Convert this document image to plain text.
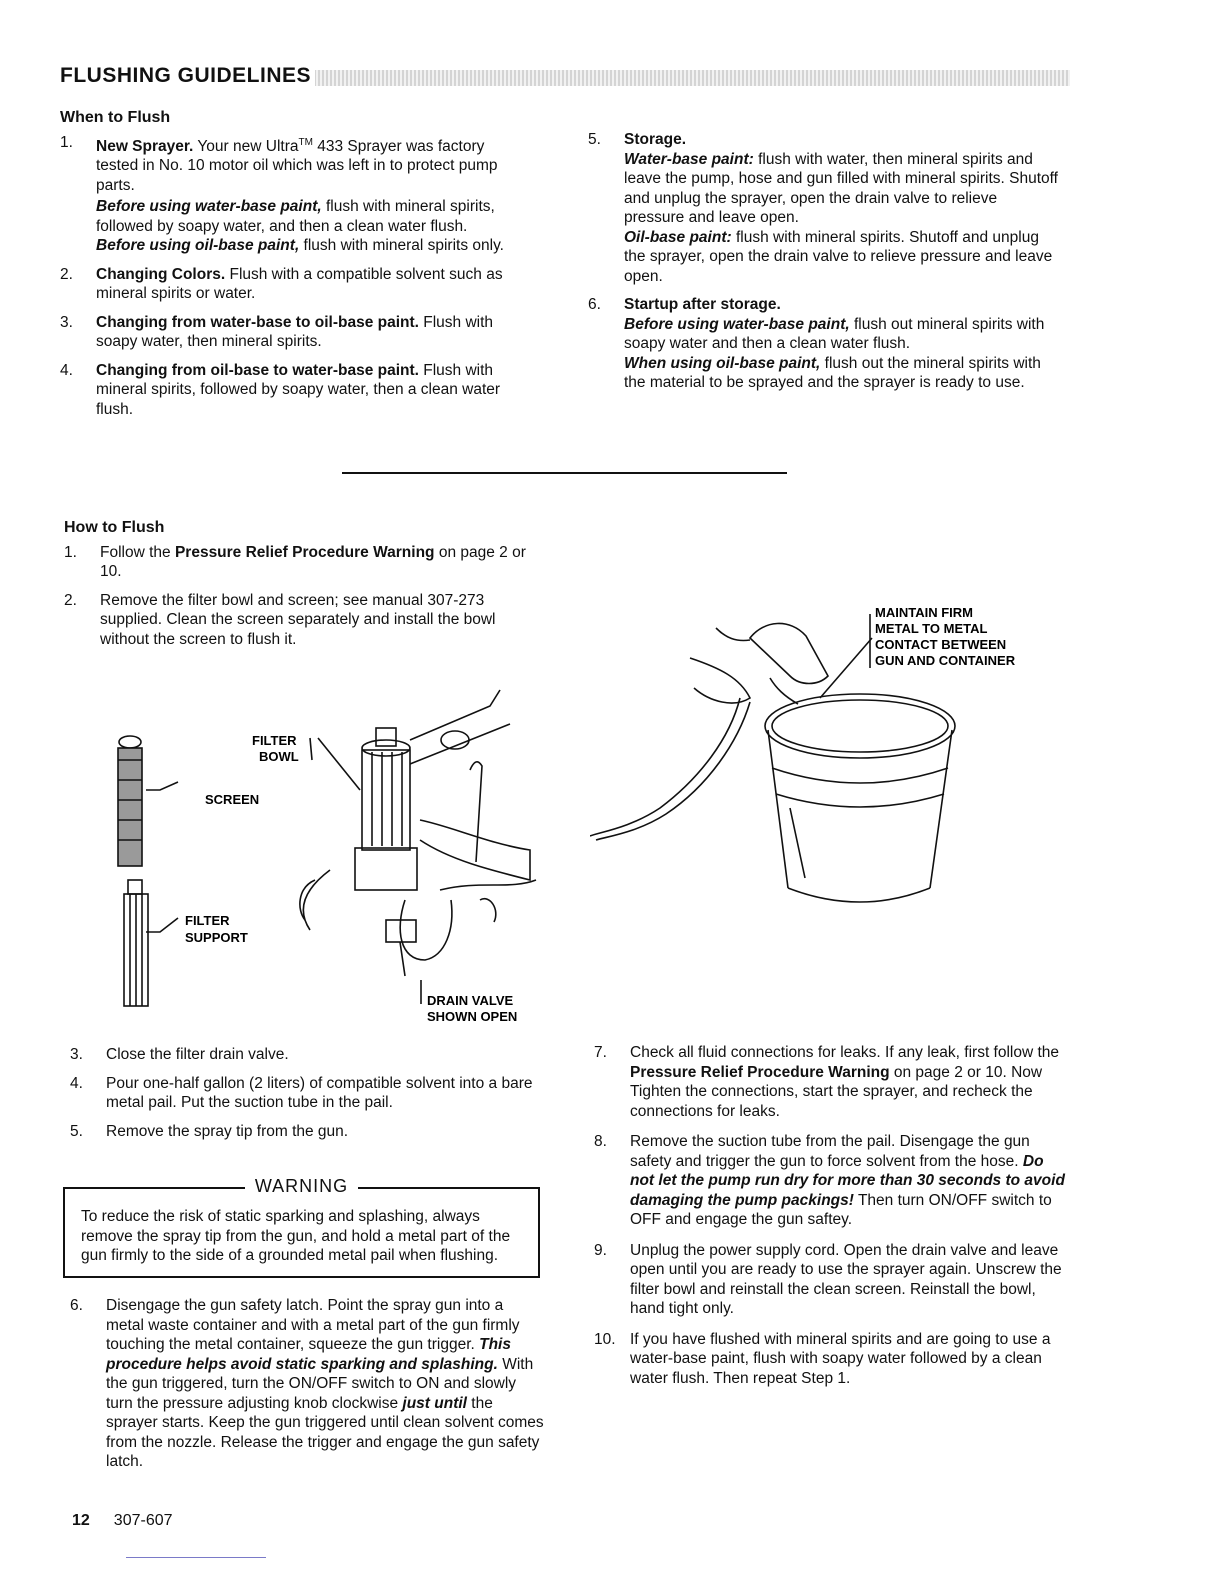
FLUSHING GUIDELINES
When to Flush
1. New Sprayer. Your new Ultra™ 433 Sprayer was factory tested in No. 10 motor oil which was left in to protect pump parts.
Before using water-base paint, flush with mineral spirits, followed by soapy water, and then a clean water flush.
Before using oil-base paint, flush with mineral spirits only.
2. Changing Colors. Flush with a compatible solvent such as mineral spirits or water.
3. Changing from water-base to oil-base paint. Flush with soapy water, then mineral spirits.
4. Changing from oil-base to water-base paint. Flush with mineral spirits, followed by soapy water, then a clean water flush.
5. Storage.
Water-base paint: flush with water, then mineral spirits and leave the pump, hose and gun filled with mineral spirits. Shutoff and unplug the sprayer, open the drain valve to relieve pressure and leave open.
Oil-base paint: flush with mineral spirits. Shutoff and unplug the sprayer, open the drain valve to relieve pressure and leave open.
6. Startup after storage.
Before using water-base paint, flush out mineral spirits with soapy water and then a clean water flush.
When using oil-base paint, flush out the mineral spirits with the material to be sprayed and the sprayer is ready to use.
How to Flush
1. Follow the Pressure Relief Procedure Warning on page 2 or 10.
2. Remove the filter bowl and screen; see manual 307-273 supplied. Clean the screen separately and install the bowl without the screen to flush it.
FILTER
BOWL
SCREEN
FILTER
SUPPORT
DRAIN VALVE
SHOWN OPEN
MAINTAIN FIRM
METAL TO METAL
CONTACT BETWEEN
GUN AND CONTAINER
3. Close the filter drain valve.
4. Pour one-half gallon (2 liters) of compatible solvent into a bare metal pail. Put the suction tube in the pail.
5. Remove the spray tip from the gun.
WARNING
To reduce the risk of static sparking and splashing, always remove the spray tip from the gun, and hold a metal part of the gun firmly to the side of a grounded metal pail when flushing.
6. Disengage the gun safety latch. Point the spray gun into a metal waste container and with a metal part of the gun firmly touching the metal container, squeeze the gun trigger. This procedure helps avoid static sparking and splashing. With the gun triggered, turn the ON/OFF switch to ON and slowly turn the pressure adjusting knob clockwise just until the sprayer starts. Keep the gun triggered until clean solvent comes from the nozzle. Release the trigger and engage the gun safety latch.
7. Check all fluid connections for leaks. If any leak, first follow the Pressure Relief Procedure Warning on page 2 or 10. Now Tighten the connections, start the sprayer, and recheck the connections for leaks.
8. Remove the suction tube from the pail. Disengage the gun safety and trigger the gun to force solvent from the hose. Do not let the pump run dry for more than 30 seconds to avoid damaging the pump packings! Then turn ON/OFF switch to OFF and engage the gun saftey.
9. Unplug the power supply cord. Open the drain valve and leave open until you are ready to use the sprayer again. Unscrew the filter bowl and reinstall the clean screen. Reinstall the bowl, hand tight only.
10. If you have flushed with mineral spirits and are going to use a water-base paint, flush with soapy water followed by a clean water flush. Then repeat Step 1.
12 307-607
